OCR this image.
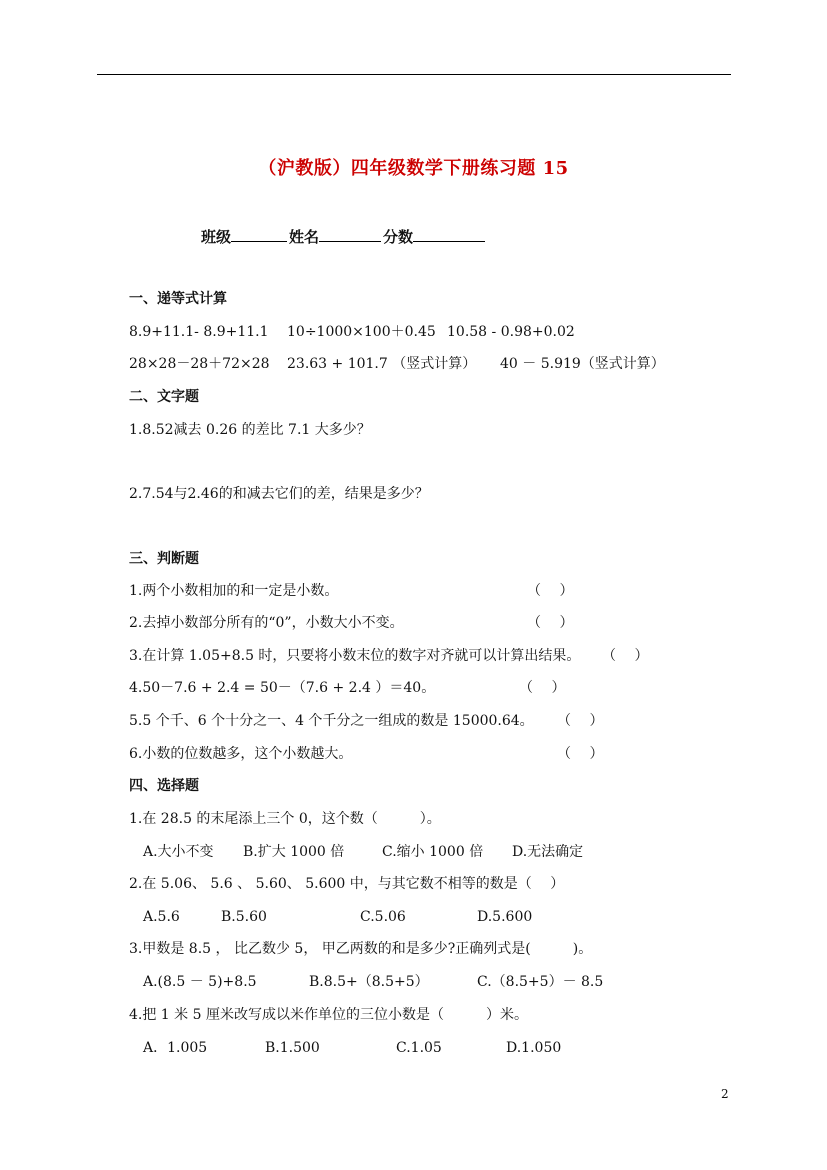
（沪教版）四年级数学下册练习题 15
班级	姓名	分数
一、递等式计算
8.9+11.1- 8.9+11.1 10÷1000×100＋0.45 10.58 - 0.98+0.02
28×28－28＋72×28 23.63 + 101.7 （竖式计算） 40 － 5.919（竖式计算）
二、文字题
1.8.52减去 0.26 的差比 7.1 大多少？
2.7.54与2.46的和减去它们的差，结果是多少？
三、判断题
1.两个小数相加的和一定是小数。	（　 ）
2.去掉小数部分所有的“0”，小数大小不变。	（　 ）
3.在计算 1.05+8.5 时，只要将小数末位的数字对齐就可以计算出结果。 （　 ）
4.50－7.6 + 2.4 = 50－（7.6 + 2.4 ）＝40。	（　 ）
5.5 个千、6 个十分之一、4 个千分之一组成的数是 15000.64。 （　 ）
6.小数的位数越多，这个小数越大。	（　 ）
四、选择题
1.在 28.5 的末尾添上三个 0，这个数（　　　）。
A.大小不变 B.扩大 1000 倍	C.缩小 1000 倍 D.无法确定
2.在 5.06、 5.6 、 5.60、 5.600 中，与其它数不相等的数是（　 ）
A.5.6	B.5.60	C.5.06	D.5.600
3.甲数是 8.5 ， 比乙数少 5， 甲乙两数的和是多少?正确列式是(　　　)。
A.(8.5 － 5)+8.5	B.8.5+（8.5+5）	C.（8.5+5）－ 8.5
4.把 1 米 5 厘米改写成以米作单位的三位小数是（　　　）米。
A．1.005	B.1.500	C.1.05	D.1.050
2
